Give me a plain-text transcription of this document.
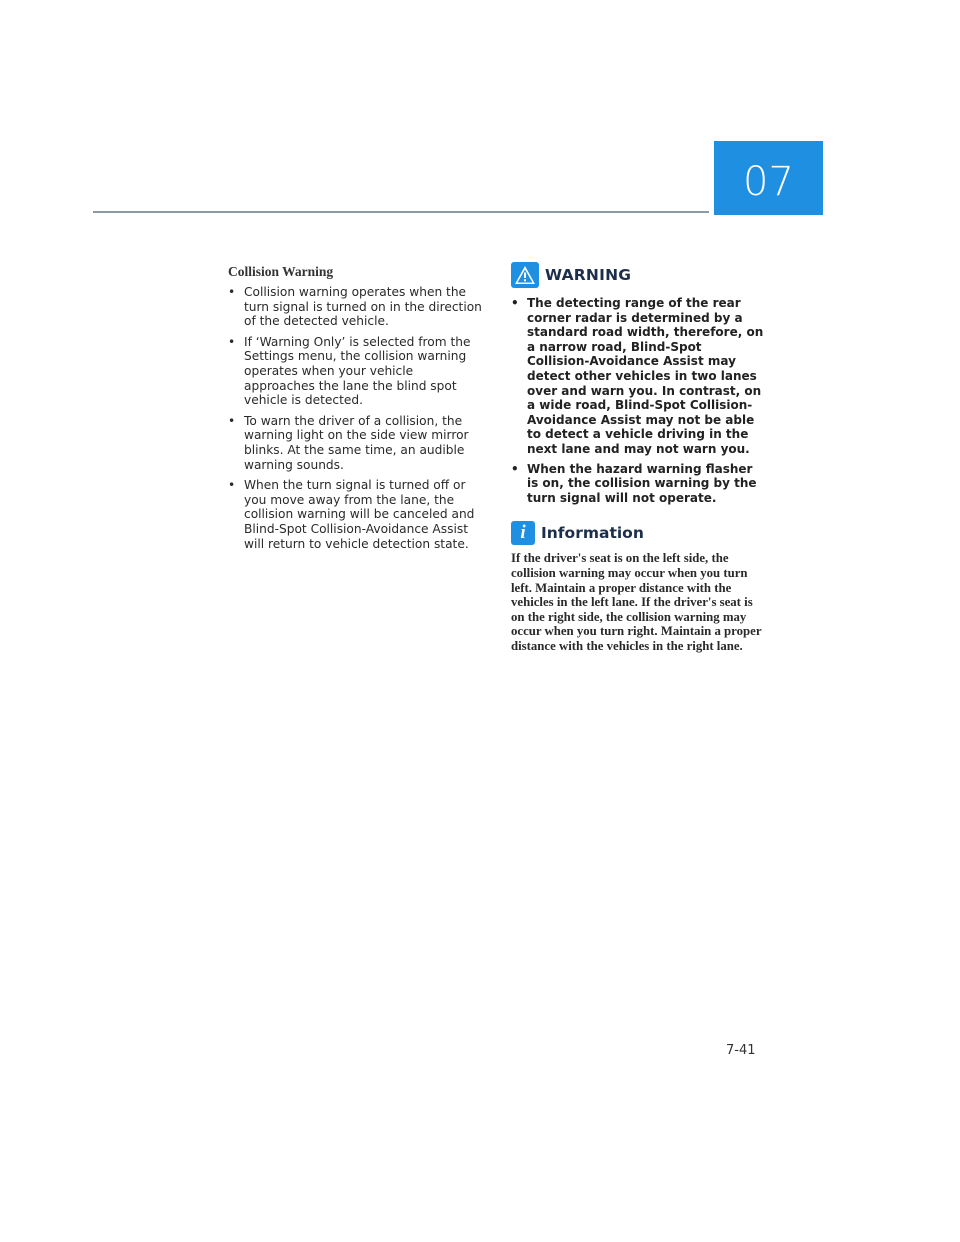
07
Collision Warning
• Collision warning operates when the turn signal is turned on in the direction of the detected vehicle.
• If ‘Warning Only’ is selected from the Settings menu, the collision warning operates when your vehicle approaches the lane the blind spot vehicle is detected.
• To warn the driver of a collision, the warning light on the side view mirror blinks. At the same time, an audible warning sounds.
• When the turn signal is turned off or you move away from the lane, the collision warning will be canceled and Blind-Spot Collision-Avoidance Assist will return to vehicle detection state.
WARNING
• The detecting range of the rear corner radar is determined by a standard road width, therefore, on a narrow road, Blind-Spot Collision-Avoidance Assist may detect other vehicles in two lanes over and warn you. In contrast, on a wide road, Blind-Spot Collision-Avoidance Assist may not be able to detect a vehicle driving in the next lane and may not warn you.
• When the hazard warning flasher is on, the collision warning by the turn signal will not operate.
i Information

If the driver's seat is on the left side, the collision warning may occur when you turn left. Maintain a proper distance with the vehicles in the left lane. If the driver's seat is on the right side, the collision warning may occur when you turn right. Maintain a proper distance with the vehicles in the right lane.

7-41
